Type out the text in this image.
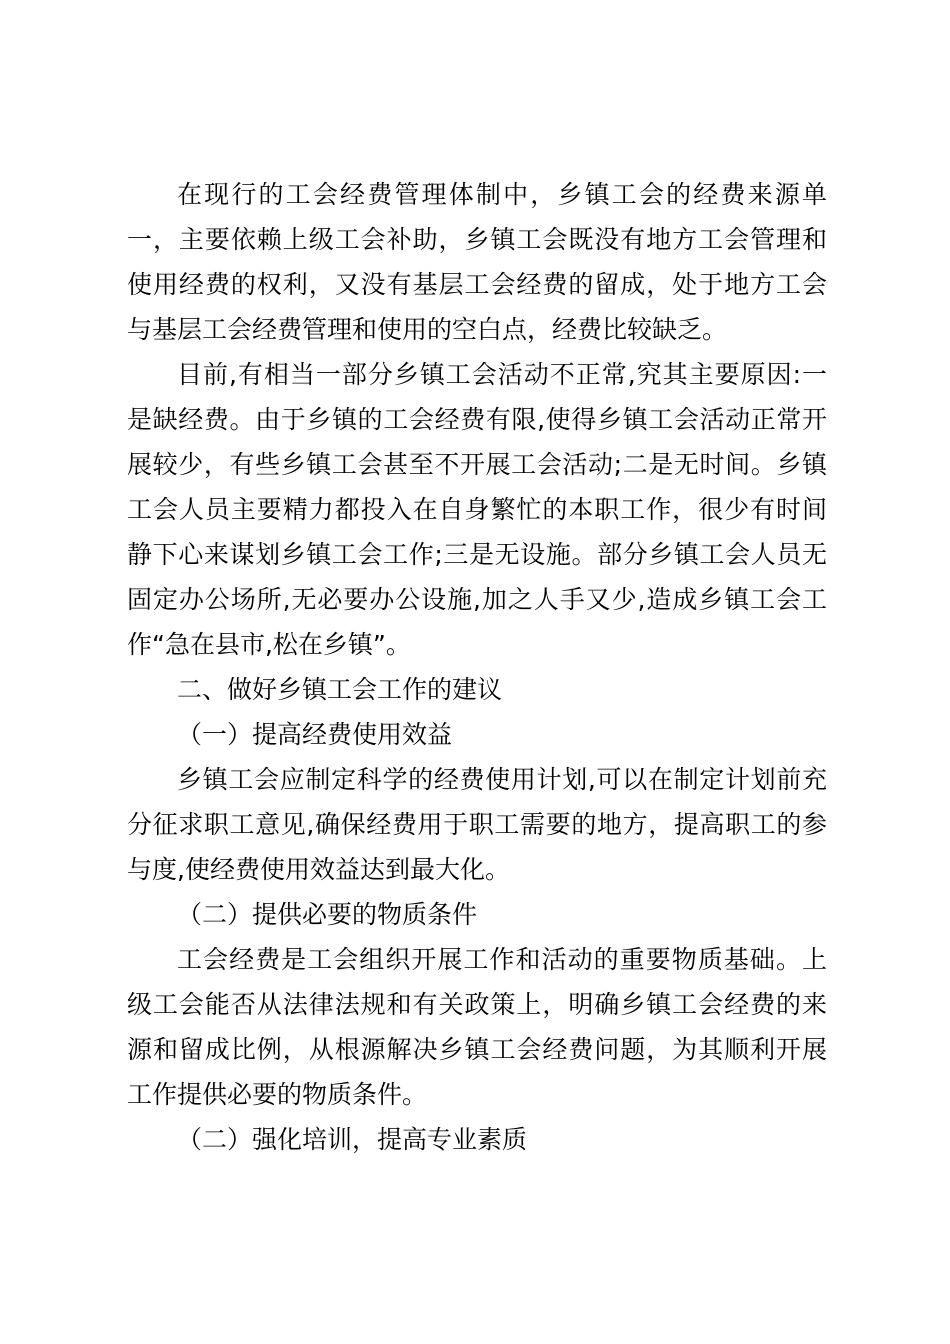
在现行的工会经费管理体制中，乡镇工会的经费来源单
一，主要依赖上级工会补助，乡镇工会既没有地方工会管理和
使用经费的权利，又没有基层工会经费的留成，处于地方工会
与基层工会经费管理和使用的空白点，经费比较缺乏。
目前,有相当一部分乡镇工会活动不正常,究其主要原因:一
是缺经费。由于乡镇的工会经费有限,使得乡镇工会活动正常开
展较少，有些乡镇工会甚至不开展工会活动;二是无时间。乡镇
工会人员主要精力都投入在自身繁忙的本职工作，很少有时间
静下心来谋划乡镇工会工作;三是无设施。部分乡镇工会人员无
固定办公场所,无必要办公设施,加之人手又少,造成乡镇工会工
作“急在县市,松在乡镇”。
二、做好乡镇工会工作的建议
（一）提高经费使用效益
乡镇工会应制定科学的经费使用计划,可以在制定计划前充
分征求职工意见,确保经费用于职工需要的地方，提高职工的参
与度,使经费使用效益达到最大化。
（二）提供必要的物质条件
工会经费是工会组织开展工作和活动的重要物质基础。上
级工会能否从法律法规和有关政策上，明确乡镇工会经费的来
源和留成比例，从根源解决乡镇工会经费问题，为其顺利开展
工作提供必要的物质条件。
（二）强化培训，提高专业素质
